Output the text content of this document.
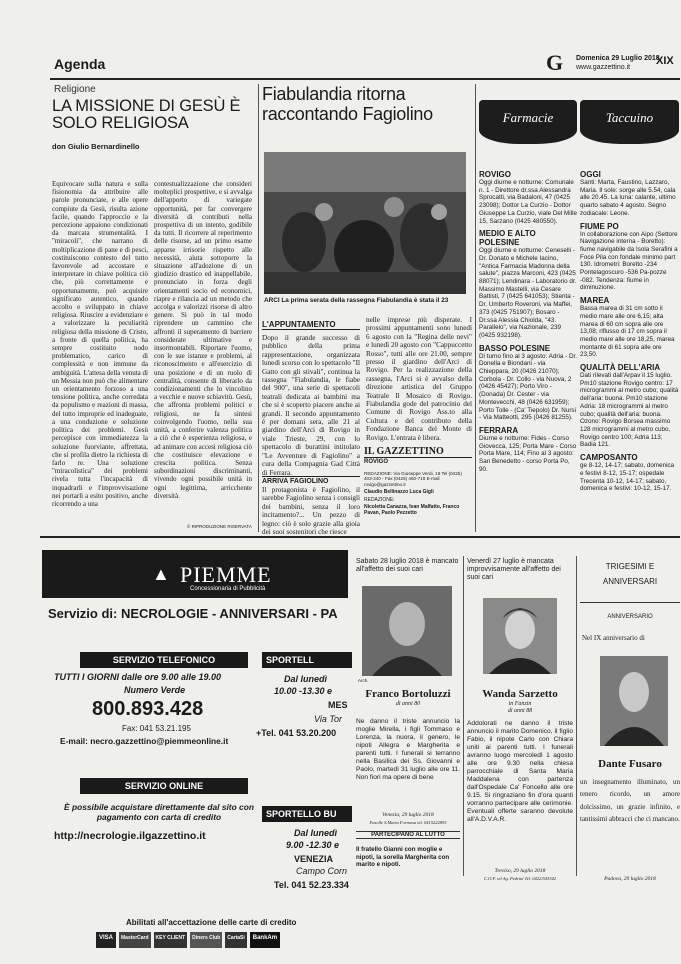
Agenda	G Domenica 29 Luglio 2018
www.gazzettino.it
XIX
Religione
LA MISSIONE DI GESÙ È SOLO RELIGIOSA
don Giulio Bernardinello
Equivocare sulla natura e sulla fisionomia da attribuire alle parole pronunciate, e alle opere compiute da Gesù, risulta azione facile, quando l'approccio e la percezione appaiono condizionati da marcata strumentalità. I "miracoli", che narrano di moltiplicazione di pane e di pesci, costituiscono contesto del tutto favorevole ad accostare e interpretare in chiave politica ciò che, più correttamente e opportunamente, può acquisire significato autentico, quando accolto e sviluppato in chiave religiosa. Riuscire a evidenziare e a valorizzare la peculiarità religiosa della missione di Cristo, a fronte di quella politica, ha sempre costituito nodo problematico, carico di complessità e non immune da ambiguità. L'attesa della venuta di un Messia non può che alimentare un orientamento forzoso a una tensione politica, anche corredata da populismo e reazioni di massa, del tutto improprie ed inadeguate, a una conduzione e soluzione politica dei problemi. Gesù percepisce con immediatezza la soluzione fuorviante, affrettata, che si profila dietro la richiesta di farlo re. Una soluzione "miracolistica" dei problemi rivela tutta l'incapacità di inquadrarli e l'improvvisazione nei portarli a esito positivo, anche ricorrendo a una
contestualizzazione che consideri molteplici prospettive, e si avvalga dell'apporto di variegate opportunità, per far convergere diversità di contributi nella prospettiva di un intento, godibile da tutti. Il ricorrere al reperimento delle risorse, ad un primo esame apparse irrisorie rispetto alle necessità, aiuta sottoporre la situazione all'adozione di un giudizio drastico ed inappellabile, pronunciato in forza degli orientamenti socio ed economici, riapre e rilancia ad un metodo che accolga e valorizzi risorse di altro genere. Si può in tal modo riprendere un cammino che affronti il superamento di barriere considerate ultimative e insormontabili. Riportare l'uomo, con le sue istanze e problemi, al riconoscimento e all'esercizio di una posizione e di un ruolo di centralità, consente di liberarlo da condizionamenti che lo vincolino a vecchie e nuove schiavitù. Gesù, che affronta problemi politici e religiosi, ne fa sintesi coinvolgendo l'uomo, nella sua unità, a conferire valenza politica a ciò che è esperienza religiosa, e ad animare con accesi religiosa ciò che costituisce elevazione e crescita politica. Senza subordinazioni discriminanti, vivendo ogni possibile unità in ogni legittima, arricchente diversità.
© RIPRODUZIONE RISERVATA
Fiabulandia ritorna raccontando Fagiolino
ARCI La prima serata della rassegna Fiabulandia è stata il 23
L'APPUNTAMENTO
Dopo il grande successo di pubblico della prima rappresentazione, organizzata lunedì scorso con lo spettacolo "Il Gatto con gli stivali", continua la rassegna "Fiabulandia, le fiabe del 900", una serie di spettacoli teatrali dedicata ai bambini ma che si è scoperto piacere anche ai grandi. Il secondo appuntamento è per domani sera, alle 21 al giardino dell'Arci di Rovigo in viale Trieste, 29, con lo spettacolo di burattini intitolato "Le Avventure di Fagiolino" a cura della Compagnia Gad Città di Ferrara.
ARRIVA FAGIOLINO
Il protagonista è Fagiolino, il sarebbe Fagiolino senza i consigli dei bambini, senza il loro incitamento?... Un pezzo di legno: ciò è solo grazie alla gioia dei suoi sostenitori che riesce
nelle imprese più disperate. I prossimi appuntamenti sono lunedì 6 agosto con la "Regina delle nevi" e lunedì 20 agosto con "Cappuccetto Rosso", tutti alle ore 21.00, sempre presso il giardino dell'Arci di Rovigo. Per la realizzazione della rassegna, l'Arci si è avvalso della direzione artistica del Gruppo Teatrale Il Mosaico di Rovigo. Fiabulandia gode del patrocinio del Comune di Rovigo Ass.to alla Cultura e del contributo della Fondazione Banca del Monte di Rovigo. L'entrata è libera.
IL GAZZETTINO
ROVIGO
REDAZIONE: Via Giuseppe Verdi, 19 Tel (0425) 403-240 - Fax (0425) 460-718 E-mail rovigo@gazzettino.it
Claudio Bellinazzo Luca Gigli
REDAZIONE:
Nicoletta Canazza, Ivan Malfatto, Franco Pavan, Paolo Pezzetto
Farmacie
ROVIGO
Oggi diurne e notturne: Comunale n. 1 - Direttore dr.ssa Alessandra Sprocatti, via Badaloni, 47 (0425 23098); Dottor La Curzio - Dottor Giuseppe La Curzio, viale Del Mille 15, Sarzano (0425 480550).
MEDIO E ALTO POLESINE
Oggi diurne e notturne: Ceneselli - Dr. Donato e Michele Iacino, "Antica Farmacia Madonna della salute", piazza Marconi, 423 (0425 88071); Lendinara - Laboratorio dr. Massimo Mastelli, via Cesare Battisti, 7 (0425 641053); Stienta - Dr. Umberto Roveroni, via Maffei, 373 (0425 751907); Bosaro - Dr.ssa Alessia Chiolda, "43. Parallelo", via Nazionale, 239 (0425 932198).
BASSO POLESINE
Di turno fino al 3 agosto: Adria - Dr. Donella e Biondani - via Chieppara, 20 (0426 21070); Corbola - Dr. Collo - via Nuova, 2 (0426 45427); Porto Viro - (Donada) Dr. Cester - via Montevecchi, 48 (0426 631959); Porto Tolle - (Ca' Tiepolo) Dr. Nursi - Via Matteotti, 295 (0426 81255).
FERRARA
Diurne e notturne: Fides - Corso Giovecca, 125; Porta Mare - Corso Porta Mare, 114; Fino al 3 agosto: San Benedetto - corso Porta Po, 90.
Taccuino
OGGI
Santi: Marta, Faustino, Lazzaro, Maria. Il sole: sorge alle 5.54, cala alle 20.45. La luna: calante, ultimo quarto sabato 4 agosto. Segno zodiacale: Leone.
FIUME PO
In collaborazione con Aipo (Settore Navigazione interna - Boretto): fiume navigabile da Isola Serafini a Foce Pila con fondale minimo part 130. Idrometri: Boretto -234 Pontelagoscuro -536 Pa-pozze -082. Tendenza: fiume in diminuzione.
MAREA
Bassa marea di 31 cm sotto il medio mare alle ore 6,15; alta marea di 60 cm sopra alle ore 13,08; riflusso di 17 cm sopra il medio mare alle ore 18,25, marea montante di 61 sopra alle ore 23,50.
QUALITÀ DELL'ARIA
Dati rilevati dall'Arpav il 15 luglio. Pm10 stazione Rovigo centro: 17 microgrammi al metro cubo; qualità dell'aria: buona. Pm10 stazione Adria: 18 microgrammi al metro cubo; qualità dell'aria: buona. Ozono: Rovigo Borsea massimo 128 microgrammi al metro cubo, Rovigo centro 100; Adria 113; Badia 121.
CAMPOSANTO
ge 8-12, 14-17; sabato, domenica e festivi 8-12, 15-17; ospedale Trecenta 10-12, 14-17; sabato, domenica e festivi: 10-12, 15-17.
▲ PIEMME
Concessionaria di Pubblicità
Servizio di: NECROLOGIE - ANNIVERSARI - PA
SERVIZIO TELEFONICO
TUTTI I GIORNI dalle ore 9.00 alle 19.00
Numero Verde
800.893.428
Fax: 041 53.21.195
E-mail: necro.gazzettino@piemmeonline.it
SERVIZIO ONLINE
È possibile acquistare direttamente dal sito con pagamento con carta di credito
http://necrologie.ilgazzettino.it
SPORTELL
Dal lunedì
10.00 -13.30 e
MES
Via Tor
+Tel. 041 53.20.200
SPORTELLO BU
Dal lunedì
9.00 -12.30 e
VENEZIA
Campo Corn
Tel. 041 52.23.334
Abilitati all'accettazione delle carte di credito
VISA	MasterCard	KEY CLIENT	Diners Club	CartaSi	BankAm
Sabato 28 luglio 2018 è mancato all'affetto dei suoi cari
Arch.
Franco Bortoluzzi
di anni 80
Ne danno il triste annuncio la moglie Mirella, i figli Tommaso e Lorenza, la nuora, il genero, le nipoti Allegra e Margherita e parenti tutti. I funerali si terranno nella Basilica dei Ss. Giovanni e Paolo, martedì 31 luglio alle ore 11. Non fiori ma opere di bene
Venezia, 29 luglio 2018
Fasolle S.Maria Formosa tel. 0415222893
PARTECIPANO AL LUTTO
Il fratello Gianni con moglie e nipoti, la sorella Margherita con marito e nipoti.
Venerdì 27 luglio è mancata improvvisamente all'affetto dei suoi cari
Wanda Sarzetto
in Fanzin
di anni 88
Addolorati ne danno il triste annuncio il marito Domenico, il figlio Fabio, il nipote Carlo con Chiara uniti ai parenti tutti. I funerali avranno luogo mercoledì 1 agosto alle ore 9.30 nella chiesa parrocchiale di Santa Maria Maddalena con partenza dall'Ospedale Ca' Foncello alle ore 9.15. Si ringraziano fin d'ora quanti vorranno partecipare alle cerimonie. Eventuali offerte saranno devolute all'A.D.V.A.R.
Treviso, 29 luglio 2018
C.O.F. srl Ag. Pedrini Tel. 0422/543342
TRIGESIMI E
ANNIVERSARI
ANNIVERSARIO
Nel IX anniversario di
Dante Fusaro
un insegnamento illuminato, un tenero ricordo, un amore dolcissimo, un grazie infinito, e tantissimi abbracci che ci mancano.
Padova, 29 luglio 2018
